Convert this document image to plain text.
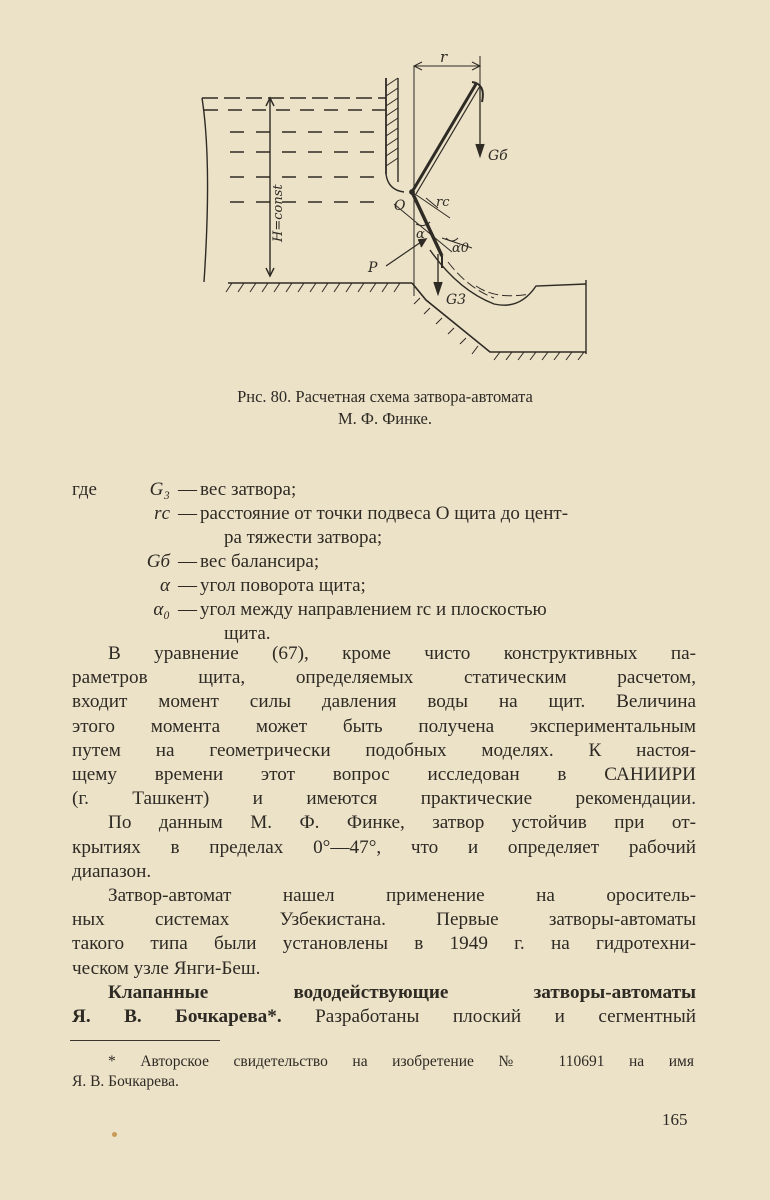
r
Gб
H=const	O rc
α
α0
P
G3
Рнс. 80. Расчетная схема затвора-автомата
М. Ф. Финке.
где	G₃ — вес затвора;
rс — расстояние от точки подвеса O щита до цент-
ра тяжести затвора;
Gб — вес балансира;
α — угол поворота щита;
α₀ — угол между направлением rс и плоскостью
щита.

В уравнение (67), кроме чисто конструктивных па-
раметров щита, определяемых статическим расчетом,
входит момент силы давления воды на щит. Величина
этого момента может быть получена экспериментальным
путем на геометрически подобных моделях. К настоя-
щему времени этот вопрос исследован в САНИИРИ
(г. Ташкент) и имеются практические рекомендации.

По данным М. Ф. Финке, затвор устойчив при от-
крытиях в пределах 0°—47°, что и определяет рабочий
диапазон.

Затвор-автомат нашел применение на ороситель-
ных системах Узбекистана. Первые затворы-автоматы
такого типа были установлены в 1949 г. на гидротехни-
ческом узле Янги-Беш.

Клапанные вододействующие затворы-автоматы
Я. В. Бочкарева*. Разработаны плоский и сегментный

* Авторское свидетельство на изобретение № 110691 на имя
Я. В. Бочкарева.
165
